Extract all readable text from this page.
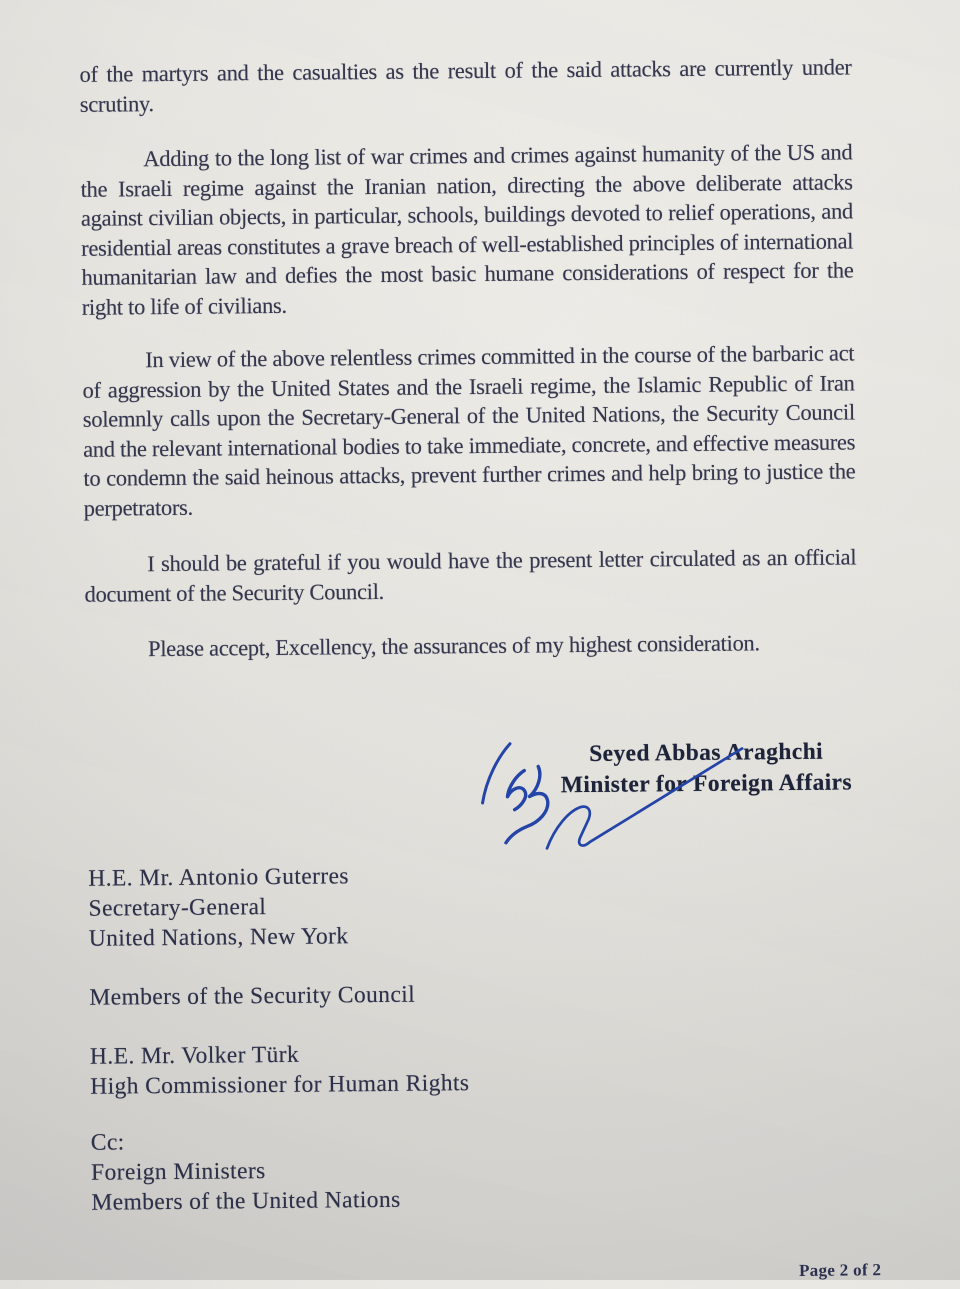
of the martyrs and the casualties as the result of the said attacks are currently under scrutiny.

Adding to the long list of war crimes and crimes against humanity of the US and the Israeli regime against the Iranian nation, directing the above deliberate attacks against civilian objects, in particular, schools, buildings devoted to relief operations, and residential areas constitutes a grave breach of well-established principles of international humanitarian law and defies the most basic humane considerations of respect for the right to life of civilians.

In view of the above relentless crimes committed in the course of the barbaric act of aggression by the United States and the Israeli regime, the Islamic Republic of Iran solemnly calls upon the Secretary-General of the United Nations, the Security Council and the relevant international bodies to take immediate, concrete, and effective measures to condemn the said heinous attacks, prevent further crimes and help bring to justice the perpetrators.

I should be grateful if you would have the present letter circulated as an official document of the Security Council.

Please accept, Excellency, the assurances of my highest consideration.

Seyed Abbas Araghchi
Minister for Foreign Affairs

H.E. Mr. Antonio Guterres

Secretary-General

United Nations, New York

Members of the Security Council

H.E. Mr. Volker Türk

High Commissioner for Human Rights

Cc:

Foreign Ministers

Members of the United Nations

Page 2 of 2
